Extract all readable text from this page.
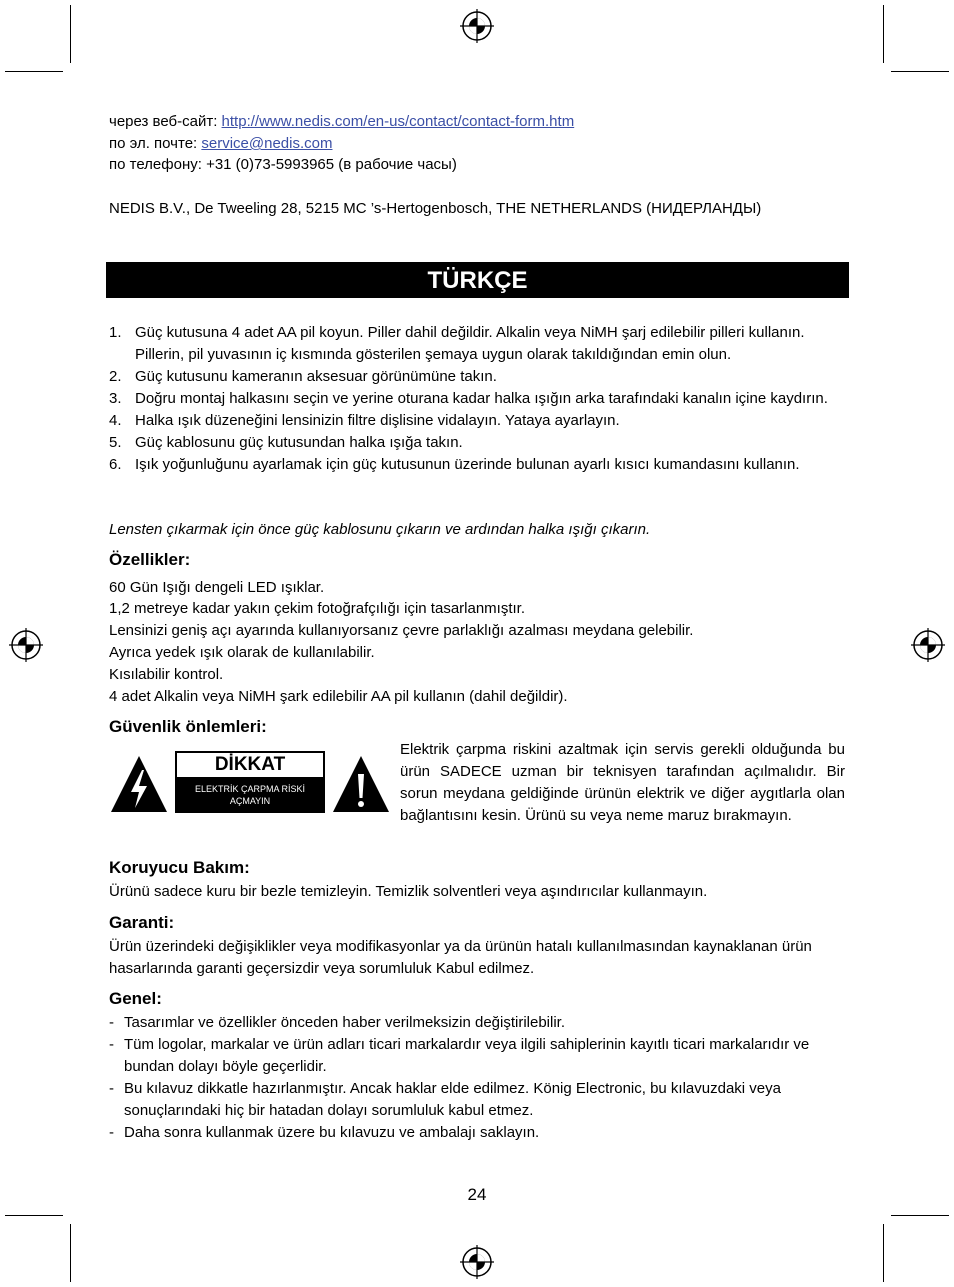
через веб-сайт: http://www.nedis.com/en-us/contact/contact-form.htm
по эл. почте: service@nedis.com
по телефону: +31 (0)73-5993965 (в рабочие часы)
NEDIS B.V., De Tweeling 28, 5215 MC ’s-Hertogenbosch, THE NETHERLANDS (НИДЕРЛАНДЫ)
TÜRKÇE
1. Güç kutusuna 4 adet AA pil koyun. Piller dahil değildir. Alkalin veya NiMH şarj edilebilir pilleri kullanın. Pillerin, pil yuvasının iç kısmında gösterilen şemaya uygun olarak takıldığından emin olun.
2. Güç kutusunu kameranın aksesuar görünümüne takın.
3. Doğru montaj halkasını seçin ve yerine oturana kadar halka ışığın arka tarafındaki kanalın içine kaydırın.
4. Halka ışık düzeneğini lensinizin filtre dişlisine vidalayın. Yataya ayarlayın.
5. Güç kablosunu güç kutusundan halka ışığa takın.
6. Işık yoğunluğunu ayarlamak için güç kutusunun üzerinde bulunan ayarlı kısıcı kumandasını kullanın.
Lensten çıkarmak için önce güç kablosunu çıkarın ve ardından halka ışığı çıkarın.
Özellikler:
60 Gün Işığı dengeli LED ışıklar.
1,2 metreye kadar yakın çekim fotoğrafçılığı için tasarlanmıştır.
Lensinizi geniş açı ayarında kullanıyorsanız çevre parlaklığı azalması meydana gelebilir.
Ayrıca yedek ışık olarak de kullanılabilir.
Kısılabilir kontrol.
4 adet Alkalin veya NiMH şark edilebilir AA pil kullanın (dahil değildir).
Güvenlik önlemleri:
DİKKAT
ELEKTRİK ÇARPMA RİSKİ
AÇMAYIN
Elektrik çarpma riskini azaltmak için servis gerekli olduğunda bu ürün SADECE uzman bir teknisyen tarafından açılmalıdır. Bir sorun meydana geldiğinde ürünün elektrik ve diğer aygıtlarla olan bağlantısını kesin. Ürünü su veya neme maruz bırakmayın.
Koruyucu Bakım:
Ürünü sadece kuru bir bezle temizleyin. Temizlik solventleri veya aşındırıcılar kullanmayın.
Garanti:
Ürün üzerindeki değişiklikler veya modifikasyonlar ya da ürünün hatalı kullanılmasından kaynaklanan ürün hasarlarında garanti geçersizdir veya sorumluluk Kabul edilmez.
Genel:
- Tasarımlar ve özellikler önceden haber verilmeksizin değiştirilebilir.
- Tüm logolar, markalar ve ürün adları ticari markalardır veya ilgili sahiplerinin kayıtlı ticari markalarıdır ve bundan dolayı böyle geçerlidir.
- Bu kılavuz dikkatle hazırlanmıştır. Ancak haklar elde edilmez. König Electronic, bu kılavuzdaki veya sonuçlarındaki hiç bir hatadan dolayı sorumluluk kabul etmez.
- Daha sonra kullanmak üzere bu kılavuzu ve ambalajı saklayın.
24
